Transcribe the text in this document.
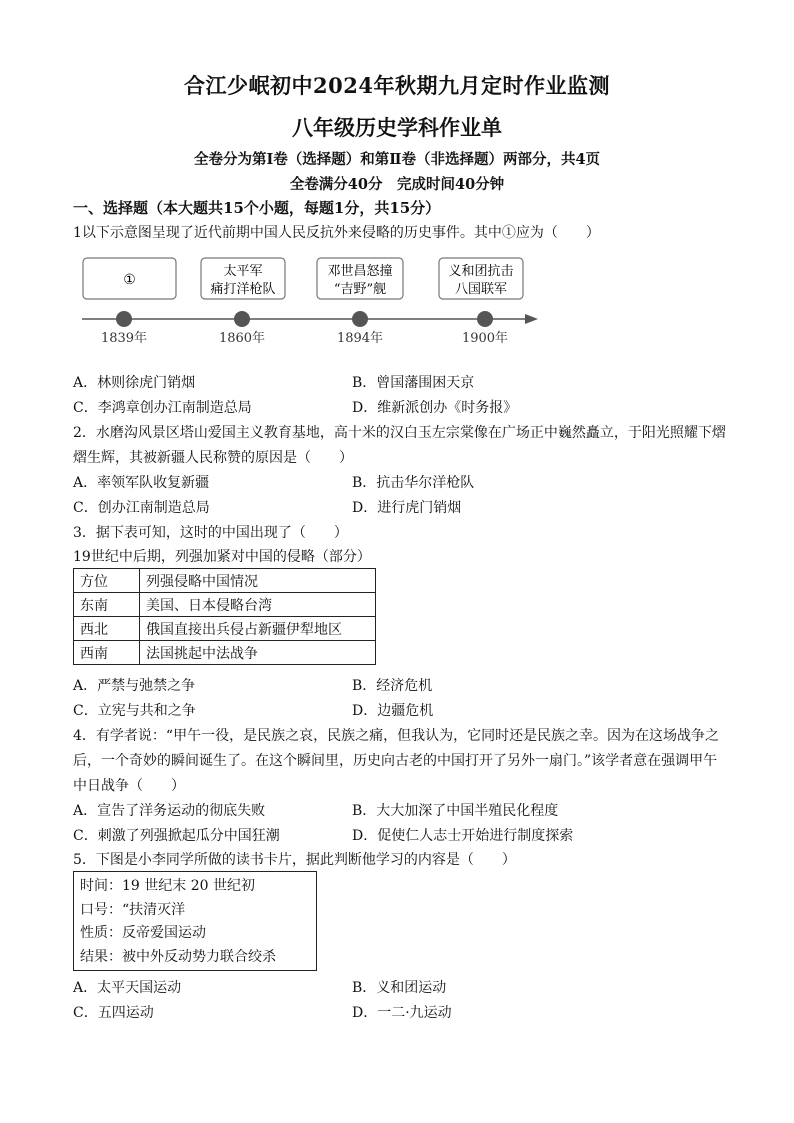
合江少岷初中2024年秋期九月定时作业监测
八年级历史学科作业单
全卷分为第Ⅰ卷（选择题）和第Ⅱ卷（非选择题）两部分，共4页
全卷满分40分　完成时间40分钟
一、选择题（本大题共15个小题，每题1分，共15分）
1以下示意图呈现了近代前期中国人民反抗外来侵略的历史事件。其中①应为（　　）
①
太平军
痛打洋枪队
邓世昌怒撞
“吉野”舰
义和团抗击
八国联军
1839年	1860年	1894年	1900年
A．林则徐虎门销烟	B．曾国藩围困天京
C．李鸿章创办江南制造总局	D．维新派创办《时务报》
2．水磨沟风景区塔山爱国主义教育基地，高十米的汉白玉左宗棠像在广场正中巍然矗立，于阳光照耀下熠
熠生辉，其被新疆人民称赞的原因是（　　）
A．率领军队收复新疆	B．抗击华尔洋枪队
C．创办江南制造总局	D．进行虎门销烟
3．据下表可知，这时的中国出现了（　　）
19世纪中后期，列强加紧对中国的侵略（部分）
方位	列强侵略中国情况
东南	美国、日本侵略台湾
西北	俄国直接出兵侵占新疆伊犁地区
西南	法国挑起中法战争
A．严禁与弛禁之争	B．经济危机
C．立宪与共和之争	D．边疆危机
4．有学者说：“甲午一役，是民族之哀，民族之痛，但我认为，它同时还是民族之幸。因为在这场战争之
后，一个奇妙的瞬间诞生了。在这个瞬间里，历史向古老的中国打开了另外一扇门。”该学者意在强调甲午
中日战争（　　）
A．宣告了洋务运动的彻底失败	B．大大加深了中国半殖民化程度
C．刺激了列强掀起瓜分中国狂潮	D．促使仁人志士开始进行制度探索
5．下图是小李同学所做的读书卡片，据此判断他学习的内容是（　　）
时间：19 世纪末 20 世纪初
口号：“扶清灭洋
性质：反帝爱国运动
结果：被中外反动势力联合绞杀
A．太平天国运动	B．义和团运动
C．五四运动	D．一二·九运动
